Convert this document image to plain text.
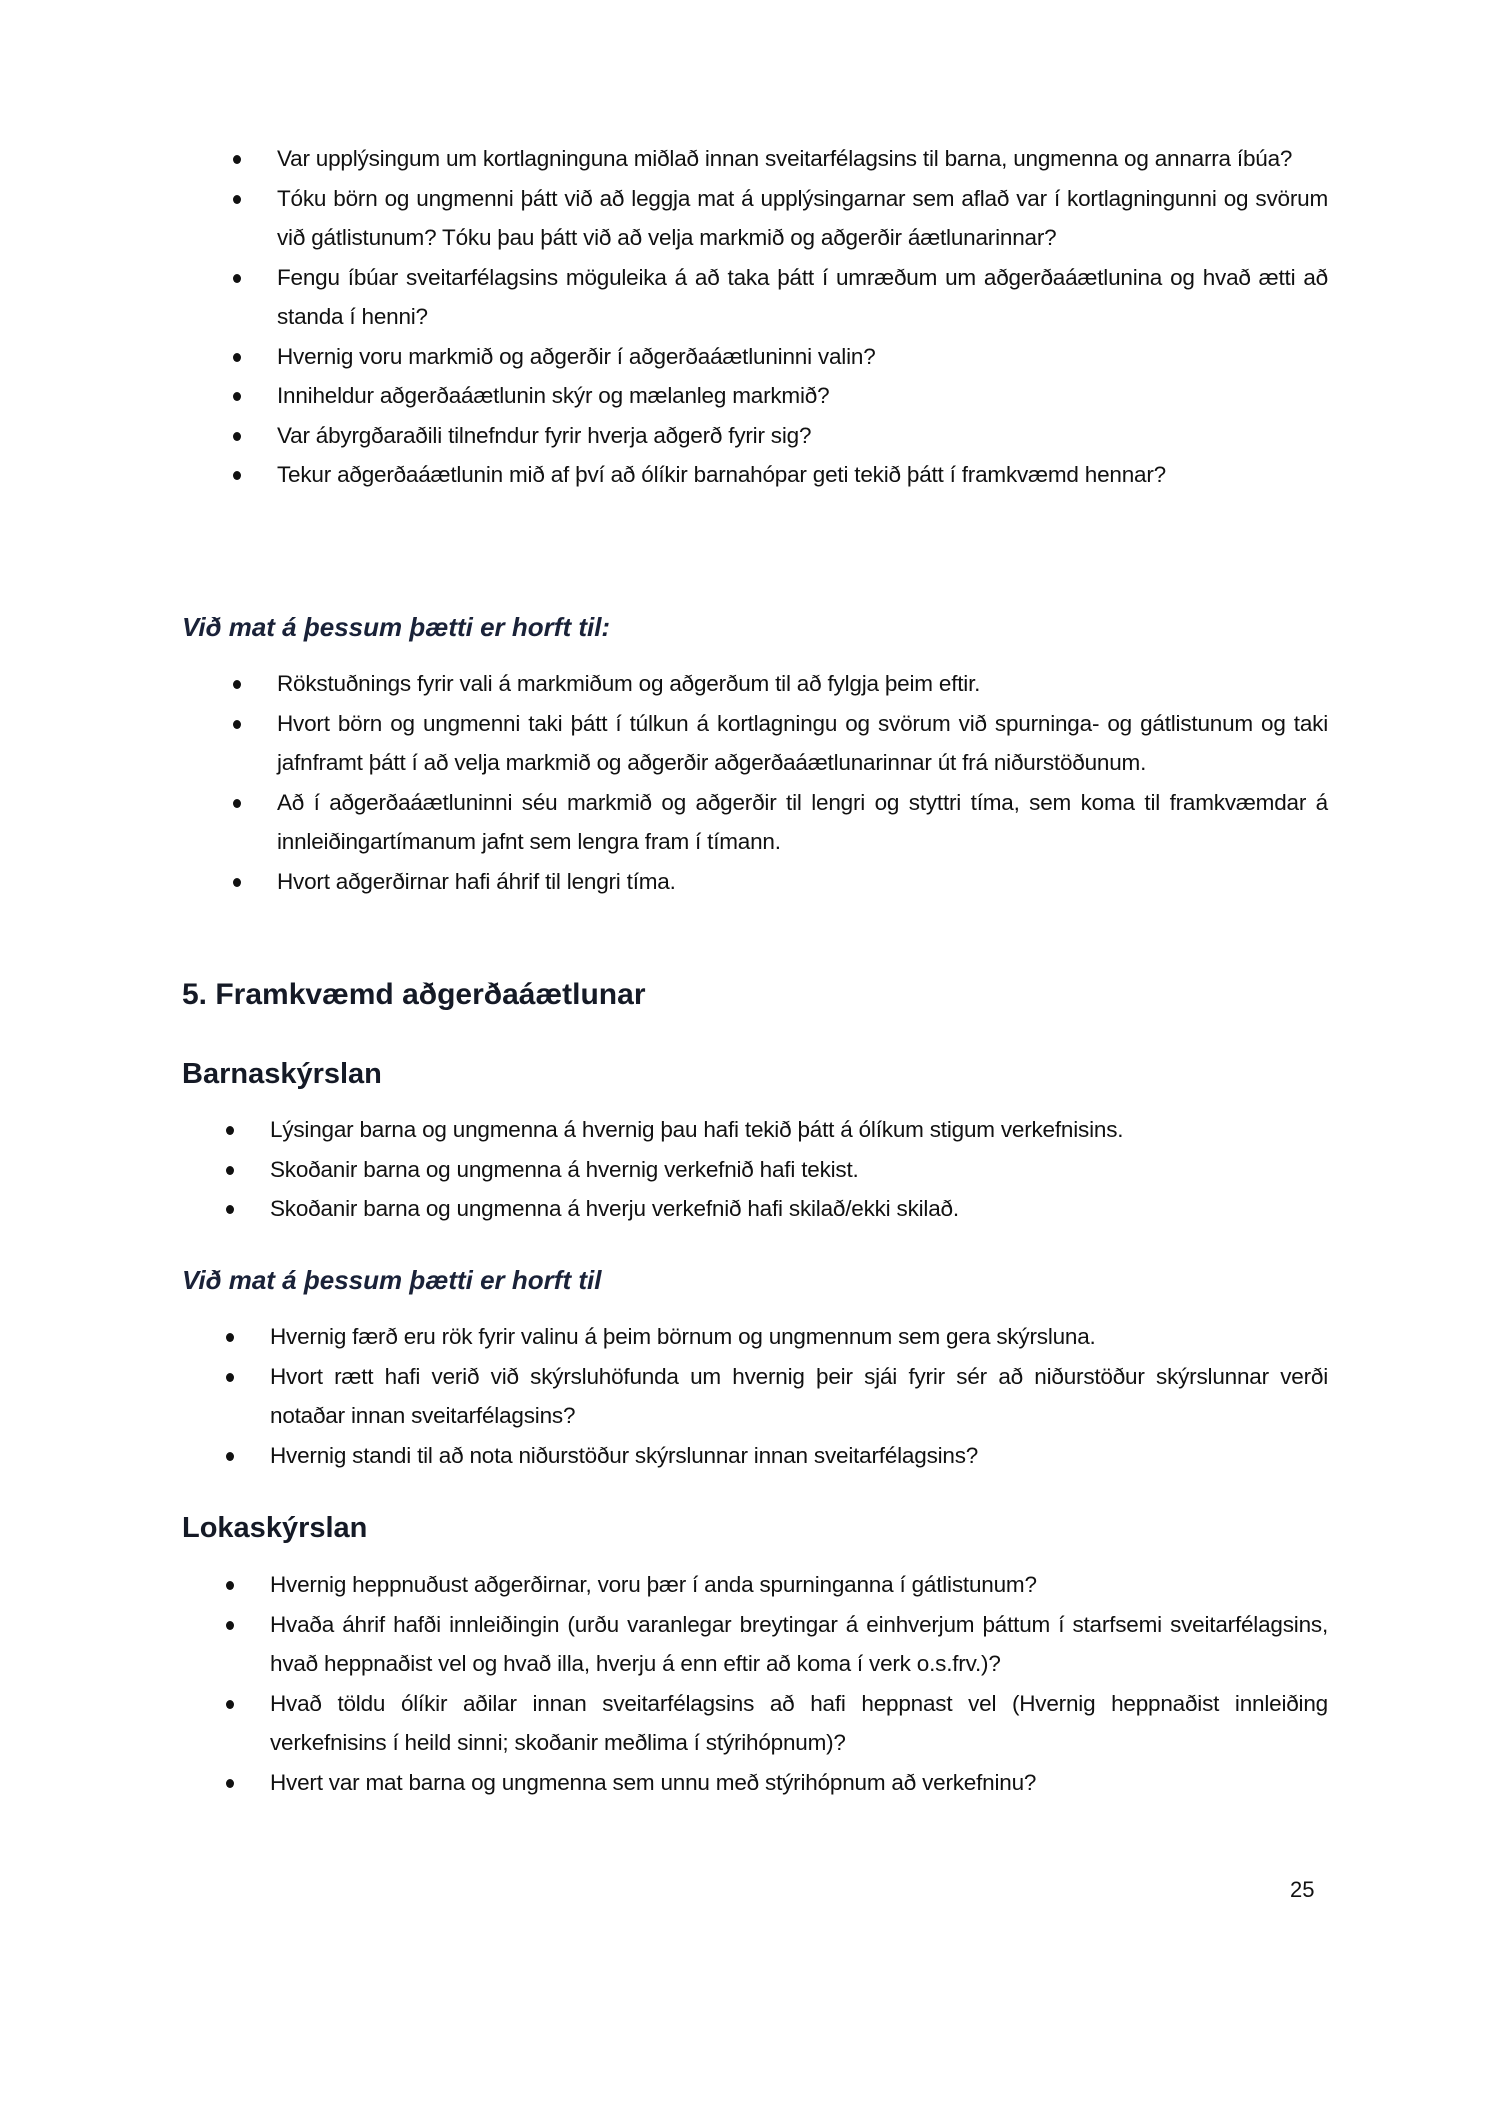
Var upplýsingum um kortlagninguna miðlað innan sveitarfélagsins til barna, ungmenna og annarra íbúa?
Tóku börn og ungmenni þátt við að leggja mat á upplýsingarnar sem aflað var í kortlagningunni og svörum við gátlistunum? Tóku þau þátt við að velja markmið og aðgerðir áætlunarinnar?
Fengu íbúar sveitarfélagsins möguleika á að taka þátt í umræðum um aðgerðaáætlunina og hvað ætti að standa í henni?
Hvernig voru markmið og aðgerðir í aðgerðaáætluninni valin?
Inniheldur aðgerðaáætlunin skýr og mælanleg markmið?
Var ábyrgðaraðili tilnefndur fyrir hverja aðgerð fyrir sig?
Tekur aðgerðaáætlunin mið af því að ólíkir barnahópar geti tekið þátt í framkvæmd hennar?
Við mat á þessum þætti er horft til:
Rökstuðnings fyrir vali á markmiðum og aðgerðum til að fylgja þeim eftir.
Hvort börn og ungmenni taki þátt í túlkun á kortlagningu og svörum við spurninga- og gátlistunum og taki jafnframt þátt í að velja markmið og aðgerðir aðgerðaáætlunarinnar út frá niðurstöðunum.
Að í aðgerðaáætluninni séu markmið og aðgerðir til lengri og styttri tíma, sem koma til framkvæmdar á innleiðingartímanum jafnt sem lengra fram í tímann.
Hvort aðgerðirnar hafi áhrif til lengri tíma.
5. Framkvæmd aðgerðaáætlunar
Barnaskýrslan
Lýsingar barna og ungmenna á hvernig þau hafi tekið þátt á ólíkum stigum verkefnisins.
Skoðanir barna og ungmenna á hvernig verkefnið hafi tekist.
Skoðanir barna og ungmenna á hverju verkefnið hafi skilað/ekki skilað.
Við mat á þessum þætti er horft til
Hvernig færð eru rök fyrir valinu á þeim börnum og ungmennum sem gera skýrsluna.
Hvort rætt hafi verið við skýrsluhöfunda um hvernig þeir sjái fyrir sér að niðurstöður skýrslunnar verði notaðar innan sveitarfélagsins?
Hvernig standi til að nota niðurstöður skýrslunnar innan sveitarfélagsins?
Lokaskýrslan
Hvernig heppnuðust aðgerðirnar, voru þær í anda spurninganna í gátlistunum?
Hvaða áhrif hafði innleiðingin (urðu varanlegar breytingar á einhverjum þáttum í starfsemi sveitarfélagsins, hvað heppnaðist vel og hvað illa, hverju á enn eftir að koma í verk o.s.frv.)?
Hvað töldu ólíkir aðilar innan sveitarfélagsins að hafi heppnast vel (Hvernig heppnaðist innleiðing verkefnisins í heild sinni; skoðanir meðlima í stýrihópnum)?
Hvert var mat barna og ungmenna sem unnu með stýrihópnum að verkefninu?
25
